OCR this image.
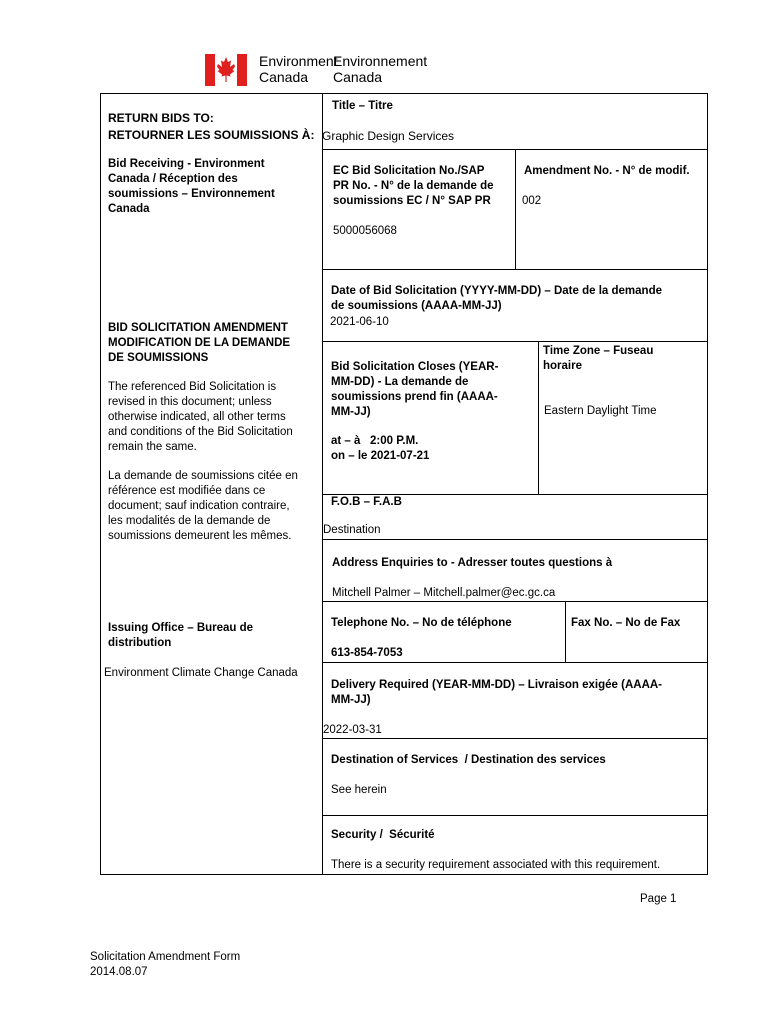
Environment
Canada
Environnement
Canada
RETURN BIDS TO:
RETOURNER LES SOUMISSIONS À:
Bid Receiving - Environment
Canada / Réception des
soumissions – Environnement
Canada
BID SOLICITATION AMENDMENT
MODIFICATION DE LA DEMANDE
DE SOUMISSIONS
The referenced Bid Solicitation is
revised in this document; unless
otherwise indicated, all other terms
and conditions of the Bid Solicitation
remain the same.
La demande de soumissions citée en
référence est modifiée dans ce
document; sauf indication contraire,
les modalités de la demande de
soumissions demeurent les mêmes.
Issuing Office – Bureau de
distribution
Environment Climate Change Canada
Title – Titre
Graphic Design Services
EC Bid Solicitation No./SAP
PR No. - N° de la demande de
soumissions EC / N° SAP PR
5000056068
Amendment No. - N° de modif.
002
Date of Bid Solicitation (YYYY-MM-DD) – Date de la demande
de soumissions (AAAA-MM-JJ)
2021-06-10
Bid Solicitation Closes (YEAR-
MM-DD) - La demande de
soumissions prend fin (AAAA-
MM-JJ)
at – à   2:00 P.M.
on – le 2021-07-21
Time Zone – Fuseau
horaire
Eastern Daylight Time
F.O.B – F.A.B
Destination
Address Enquiries to - Adresser toutes questions à
Mitchell Palmer – Mitchell.palmer@ec.gc.ca
Telephone No. – No de téléphone
613-854-7053
Fax No. – No de Fax
Delivery Required (YEAR-MM-DD) – Livraison exigée (AAAA-
MM-JJ)
2022-03-31
Destination of Services  / Destination des services
See herein
Security /  Sécurité
There is a security requirement associated with this requirement.
Page 1
Solicitation Amendment Form
2014.08.07
